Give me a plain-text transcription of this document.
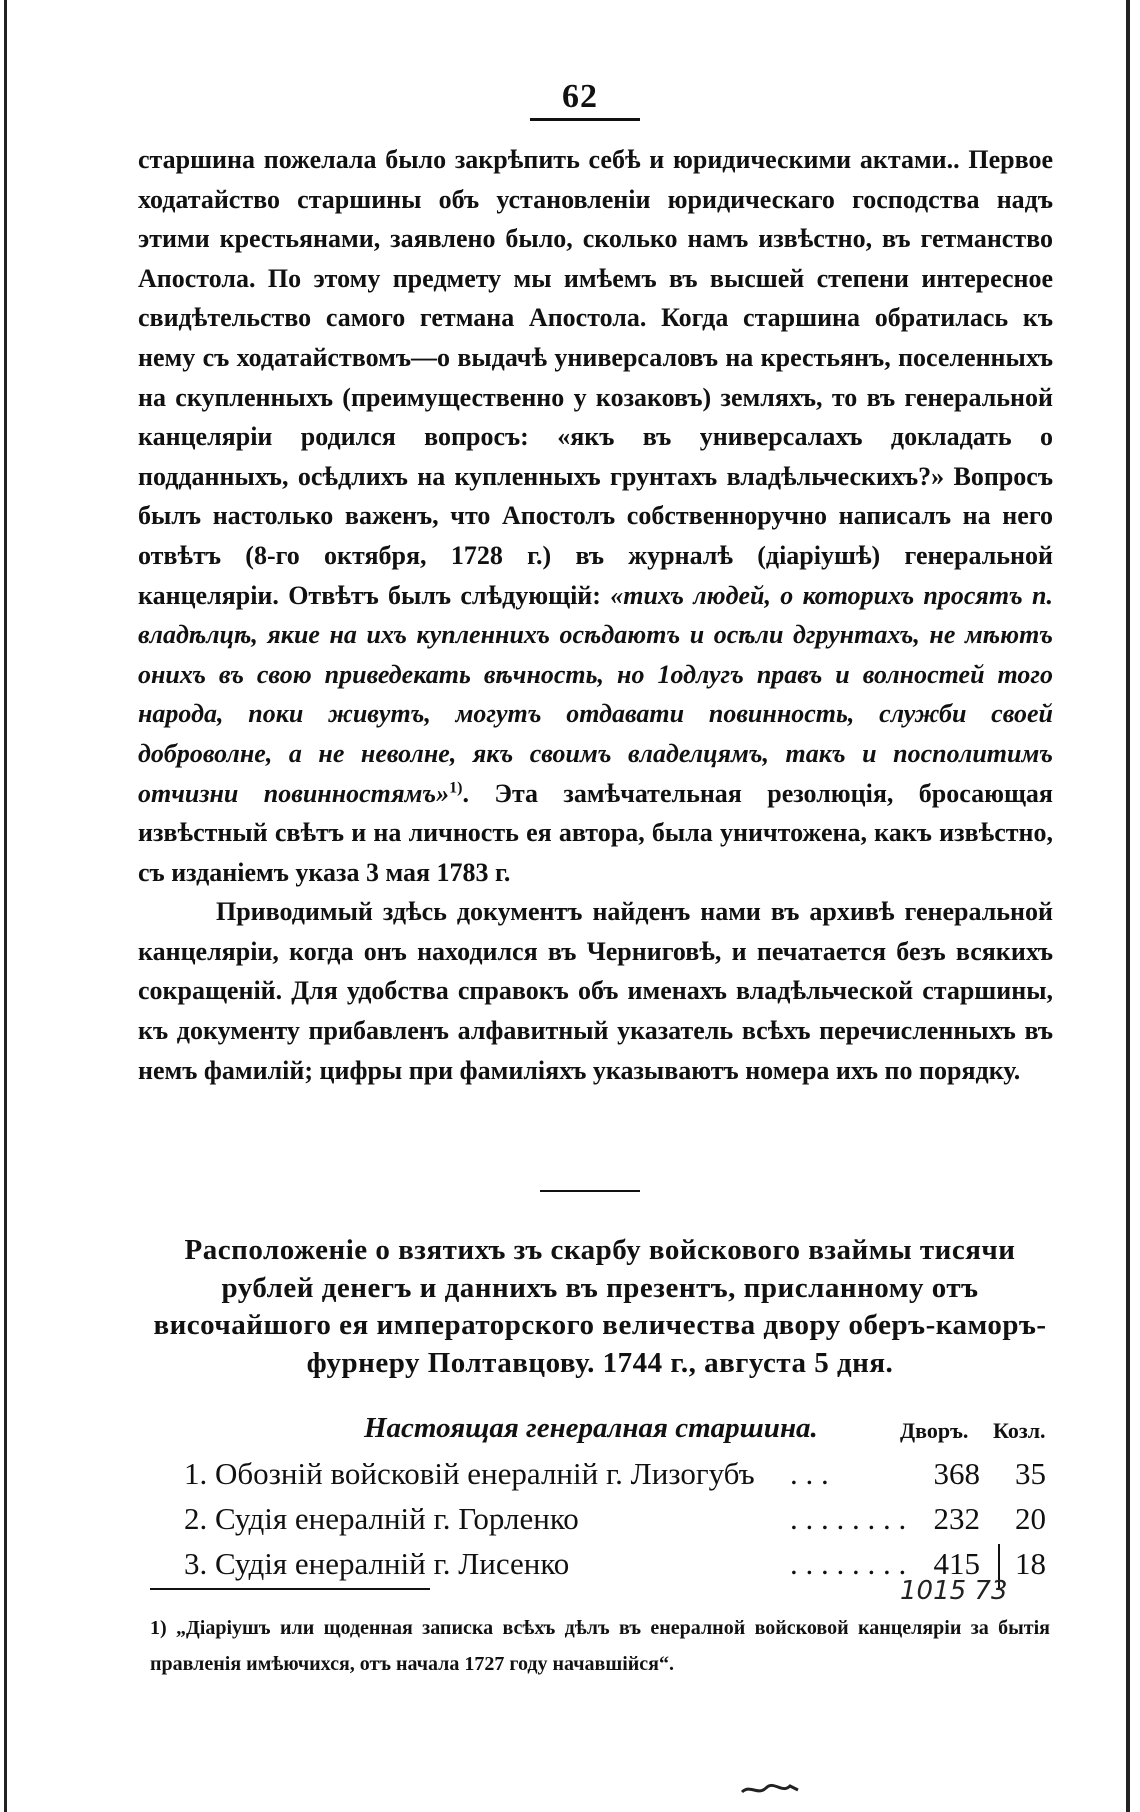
62

старшина пожелала было закрѣпить себѣ и юридическими актами.. Первое ходатайство старшины объ установленіи юридическаго господства надъ этими крестьянами, заявлено было, сколько намъ извѣстно, въ гетманство Апостола. По этому предмету мы имѣемъ въ высшей степени интересное свидѣтельство самого гетмана Апостола. Когда старшина обратилась къ нему съ ходатайствомъ—о выдачѣ универсаловъ на крестьянъ, поселенныхъ на скупленныхъ (преимущественно у козаковъ) земляхъ, то въ генеральной канцеляріи родился вопросъ: «якъ въ универсалахъ докладать о подданныхъ, осѣдлихъ на купленныхъ грунтахъ владѣльческихъ?» Вопросъ былъ настолько важенъ, что Апостолъ собственноручно написалъ на него отвѣтъ (8-го октября, 1728 г.) въ журналѣ (діаріушѣ) генеральной канцеляріи. Отвѣтъ былъ слѣдующій: «тихъ людей, о которихъ просятъ п. владѣлцѣ, якие на ихъ купленнихъ осѣдаютъ и осѣли дгрунтахъ, не мѣютъ онихъ въ свою приведекать вѣчность, но 1одлугъ правъ и волностей того народа, поки живутъ, могутъ отдавати повинность, служби своей доброволне, а не неволне, якъ своимъ владелцямъ, такъ и посполитимъ отчизни повинностямъ»$^{1)}$. Эта замѣчательная резолюція, бросающая извѣстный свѣтъ и на личность ея автора, была уничтожена, какъ извѣстно, съ изданіемъ указа 3 мая 1783 г.

Приводимый здѣсь документъ найденъ нами въ архивѣ генеральной канцеляріи, когда онъ находился въ Черниговѣ, и печатается безъ всякихъ сокращеній. Для удобства справокъ объ именахъ владѣльческой старшины, къ документу прибавленъ алфавитный указатель всѣхъ перечисленныхъ въ немъ фамилій; цифры при фамиліяхъ указываютъ номера ихъ по порядку.

Расположеніе о взятихъ зъ скарбу войскового взаймы тисячи рублей денегъ и даннихъ въ презентъ, присланному отъ височайшого ея императорского величества двору оберъ-каморъ-фурнеру Полтавцову. 1744 г., августа 5 дня.
Настоящая генералная старшина.	Дворъ. Козл.
1. Обозній войсковій енералній г. Лизогубъ . . .	368	35
2. Судія енералній г. Горленко	. . . . . . . . 232	20
3. Судія енералній г. Лисенко	. . . . . . . . 415	18
1015 73
1) „Діаріушъ или щоденная записка всѣхъ дѣлъ въ енералной войсковой канцеляріи за бытія правленія имѣючихся, отъ начала 1727 году начавшійся“.
